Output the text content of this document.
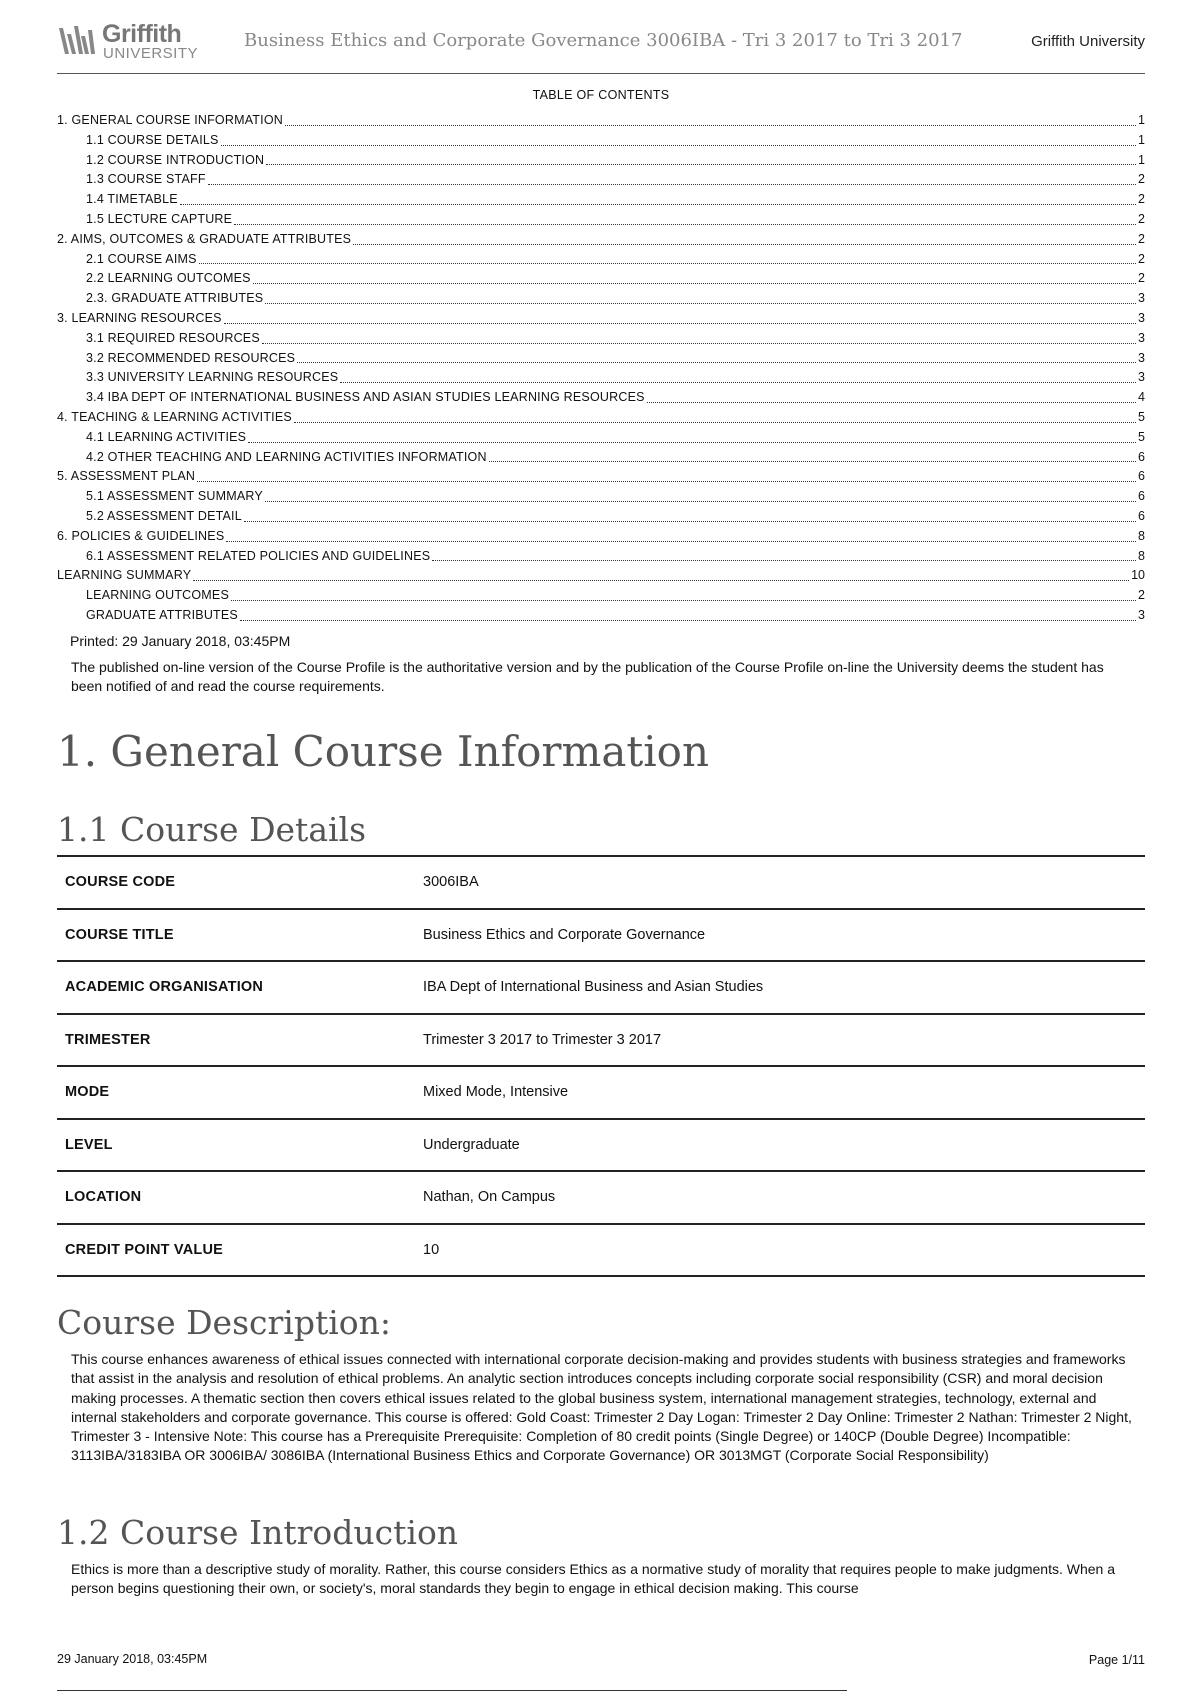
Griffith
UNIVERSITY
Business Ethics and Corporate Governance 3006IBA - Tri 3 2017 to Tri 3 2017	Griffith University
TABLE OF CONTENTS
1. GENERAL COURSE INFORMATION	1
1.1 COURSE DETAILS	1
1.2 COURSE INTRODUCTION	1
1.3 COURSE STAFF	2
1.4 TIMETABLE	2
1.5 LECTURE CAPTURE	2
2. AIMS, OUTCOMES & GRADUATE ATTRIBUTES	2
2.1 COURSE AIMS	2
2.2 LEARNING OUTCOMES	2
2.3. GRADUATE ATTRIBUTES	3
3. LEARNING RESOURCES	3
3.1 REQUIRED RESOURCES	3
3.2 RECOMMENDED RESOURCES	3
3.3 UNIVERSITY LEARNING RESOURCES	3
3.4 IBA DEPT OF INTERNATIONAL BUSINESS AND ASIAN STUDIES LEARNING RESOURCES	4
4. TEACHING & LEARNING ACTIVITIES	5
4.1 LEARNING ACTIVITIES	5
4.2 OTHER TEACHING AND LEARNING ACTIVITIES INFORMATION	6
5. ASSESSMENT PLAN	6
5.1 ASSESSMENT SUMMARY	6
5.2 ASSESSMENT DETAIL	6
6. POLICIES & GUIDELINES	8
6.1 ASSESSMENT RELATED POLICIES AND GUIDELINES	8
LEARNING SUMMARY	10
LEARNING OUTCOMES	2
GRADUATE ATTRIBUTES	3
Printed: 29 January 2018, 03:45PM
The published on-line version of the Course Profile is the authoritative version and by the publication of the Course Profile on-line the University deems the student has been notified of and read the course requirements.
1. General Course Information
1.1 Course Details
COURSE CODE	3006IBA
COURSE TITLE	Business Ethics and Corporate Governance
ACADEMIC ORGANISATION	IBA Dept of International Business and Asian Studies
TRIMESTER	Trimester 3 2017 to Trimester 3 2017
MODE	Mixed Mode, Intensive
LEVEL	Undergraduate
LOCATION	Nathan, On Campus
CREDIT POINT VALUE	10
Course Description:
This course enhances awareness of ethical issues connected with international corporate decision-making and provides students with business strategies and frameworks that assist in the analysis and resolution of ethical problems. An analytic section introduces concepts including corporate social responsibility (CSR) and moral decision making processes. A thematic section then covers ethical issues related to the global business system, international management strategies, technology, external and internal stakeholders and corporate governance. This course is offered: Gold Coast: Trimester 2 Day Logan: Trimester 2 Day Online: Trimester 2 Nathan: Trimester 2 Night, Trimester 3 - Intensive Note: This course has a Prerequisite Prerequisite: Completion of 80 credit points (Single Degree) or 140CP (Double Degree) Incompatible: 3113IBA/3183IBA OR 3006IBA/ 3086IBA (International Business Ethics and Corporate Governance) OR 3013MGT (Corporate Social Responsibility)
1.2 Course Introduction
Ethics is more than a descriptive study of morality. Rather, this course considers Ethics as a normative study of morality that requires people to make judgments. When a person begins questioning their own, or society's, moral standards they begin to engage in ethical decision making. This course
29 January 2018, 03:45PM	Page 1/11
